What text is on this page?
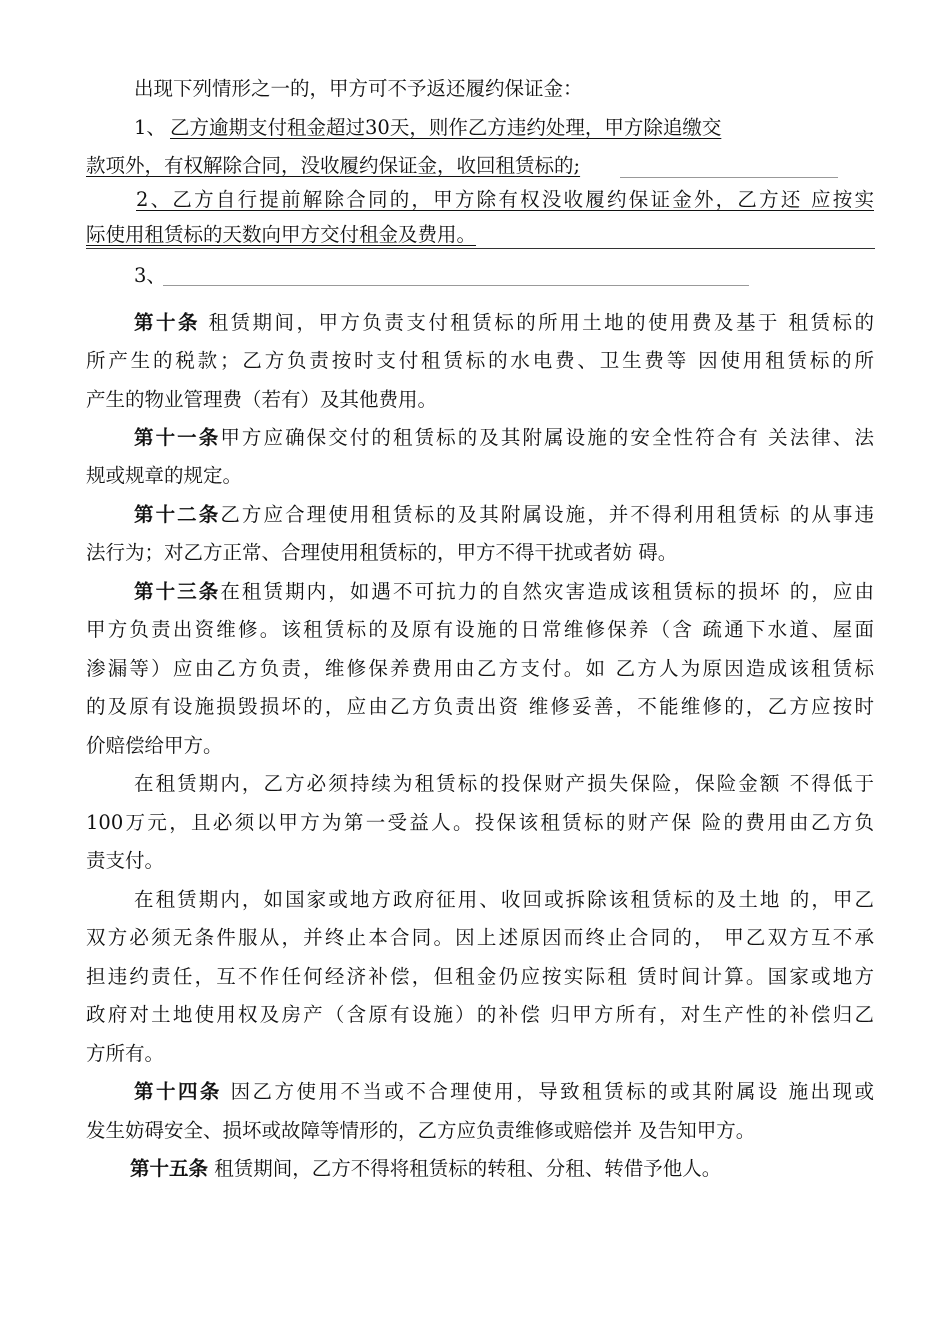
出现下列情形之一的，甲方可不予返还履约保证金：
1、 乙方逾期支付租金超过30天，则作乙方违约处理，甲方除追缴交
款项外，有权解除合同，没收履约保证金，收回租赁标的;
2、乙方自行提前解除合同的，甲方除有权没收履约保证金外，乙方还 应按实
际使用租赁标的天数向甲方交付租金及费用。
3、
第十条 租赁期间，甲方负责支付租赁标的所用土地的使用费及基于 租赁标的
所产生的税款；乙方负责按时支付租赁标的水电费、卫生费等 因使用租赁标的所
产生的物业管理费（若有）及其他费用。
第十一条甲方应确保交付的租赁标的及其附属设施的安全性符合有 关法律、法
规或规章的规定。
第十二条乙方应合理使用租赁标的及其附属设施，并不得利用租赁标 的从事违
法行为；对乙方正常、合理使用租赁标的，甲方不得干扰或者妨 碍。
第十三条在租赁期内，如遇不可抗力的自然灾害造成该租赁标的损坏 的，应由
甲方负责出资维修。该租赁标的及原有设施的日常维修保养（含 疏通下水道、屋面
渗漏等）应由乙方负责，维修保养费用由乙方支付。如 乙方人为原因造成该租赁标
的及原有设施损毁损坏的，应由乙方负责出资 维修妥善，不能维修的，乙方应按时
价赔偿给甲方。
在租赁期内，乙方必须持续为租赁标的投保财产损失保险，保险金额 不得低于
100万元，且必须以甲方为第一受益人。投保该租赁标的财产保 险的费用由乙方负
责支付。
在租赁期内，如国家或地方政府征用、收回或拆除该租赁标的及土地 的，甲乙
双方必须无条件服从，并终止本合同。因上述原因而终止合同的， 甲乙双方互不承
担违约责任，互不作任何经济补偿，但租金仍应按实际租 赁时间计算。国家或地方
政府对土地使用权及房产（含原有设施）的补偿 归甲方所有，对生产性的补偿归乙
方所有。
第十四条 因乙方使用不当或不合理使用，导致租赁标的或其附属设 施出现或
发生妨碍安全、损坏或故障等情形的，乙方应负责维修或赔偿并 及告知甲方。
第十五条 租赁期间，乙方不得将租赁标的转租、分租、转借予他人。
